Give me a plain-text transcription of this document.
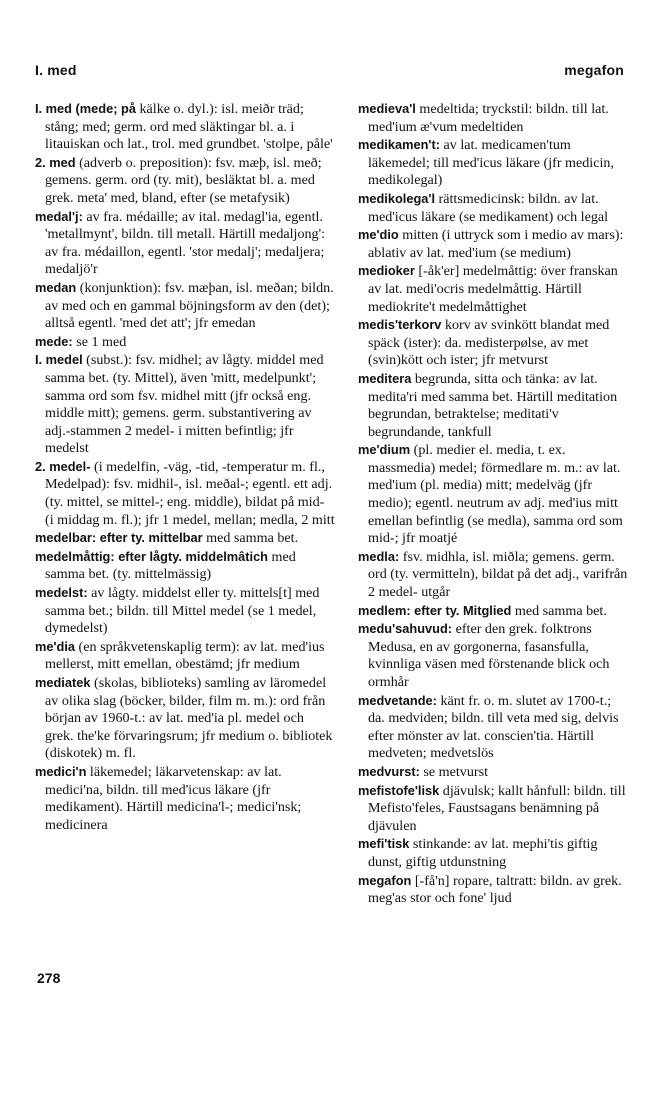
I. med	megafon

I. med (mede; på kälke o. dyl.): isl. meiðr träd; stång; med; germ. ord med släktingar bl. a. i litauiskan och lat., trol. med grundbet. 'stolpe, påle'

2. med (adverb o. preposition): fsv. mæþ, isl. með; gemens. germ. ord (ty. mit), besläktat bl. a. med grek. meta' med, bland, efter (se metafysik)

medal'j: av fra. médaille; av ital. medagl'ia, egentl. 'metallmynt', bildn. till metall. Härtill medaljong': av fra. médaillon, egentl. 'stor medalj'; medaljera; medaljö'r

medan (konjunktion): fsv. mæþan, isl. meðan; bildn. av med och en gammal böjningsform av den (det); alltså egentl. 'med det att'; jfr emedan

mede: se 1 med

I. medel (subst.): fsv. midhel; av lågty. middel med samma bet. (ty. Mittel), även 'mitt, medelpunkt'; samma ord som fsv. midhel mitt (jfr också eng. middle mitt); gemens. germ. substantivering av adj.-stammen 2 medel- i mitten befintlig; jfr medelst

2. medel- (i medelfin, -väg, -tid, -temperatur m. fl., Medelpad): fsv. midhil-, isl. meðal-; egentl. ett adj. (ty. mittel, se mittel-; eng. middle), bildat på mid- (i middag m. fl.); jfr 1 medel, mellan; medla, 2 mitt

medelbar: efter ty. mittelbar med samma bet.

medelmåttig: efter lågty. middelmâtich med samma bet. (ty. mittelmässig)

medelst: av lågty. middelst eller ty. mittels[t] med samma bet.; bildn. till Mittel medel (se 1 medel, dymedelst)

me'dia (en språkvetenskaplig term): av lat. med'ius mellerst, mitt emellan, obestämd; jfr medium

mediatek (skolas, biblioteks) samling av läromedel av olika slag (böcker, bilder, film m. m.): ord från början av 1960-t.: av lat. med'ia pl. medel och grek. the'ke förvaringsrum; jfr medium o. bibliotek (diskotek) m. fl.

medici'n läkemedel; läkarvetenskap: av lat. medici'na, bildn. till med'icus läkare (jfr medikament). Härtill medicina'l-; medici'nsk; medicinera

medieva'l medeltida; tryckstil: bildn. till lat. med'ium æ'vum medeltiden

medikamen't: av lat. medicamen'tum läkemedel; till med'icus läkare (jfr medicin, medikolegal)

medikolega'l rättsmedicinsk: bildn. av lat. med'icus läkare (se medikament) och legal

me'dio mitten (i uttryck som i medio av mars): ablativ av lat. med'ium (se medium)

medioker [-åk'er] medelmåttig: över franskan av lat. medi'ocris medelmåttig. Härtill mediokrite't medelmåttighet

medis'terkorv korv av svinkött blandat med späck (ister): da. medisterpølse, av met (svin)kött och ister; jfr metvurst

meditera begrunda, sitta och tänka: av lat. medita'ri med samma bet. Härtill meditation begrundan, betraktelse; meditati'v begrundande, tankfull

me'dium (pl. medier el. media, t. ex. massmedia) medel; förmedlare m. m.: av lat. med'ium (pl. media) mitt; medelväg (jfr medio); egentl. neutrum av adj. med'ius mitt emellan befintlig (se medla), samma ord som mid-; jfr moatjé

medla: fsv. midhla, isl. miðla; gemens. germ. ord (ty. vermitteln), bildat på det adj., varifrån 2 medel- utgår

medlem: efter ty. Mitglied med samma bet.

medu'sahuvud: efter den grek. folktrons Medusa, en av gorgonerna, fasansfulla, kvinnliga väsen med förstenande blick och ormhår

medvetande: känt fr. o. m. slutet av 1700-t.; da. medviden; bildn. till veta med sig, delvis efter mönster av lat. conscien'tia. Härtill medveten; medvetslös

medvurst: se metvurst

mefistofe'lisk djävulsk; kallt hånfull: bildn. till Mefisto'feles, Faustsagans benämning på djävulen

mefi'tisk stinkande: av lat. mephi'tis giftig dunst, giftig utdunstning

megafon [-få'n] ropare, taltratt: bildn. av grek. meg'as stor och fone' ljud

278
